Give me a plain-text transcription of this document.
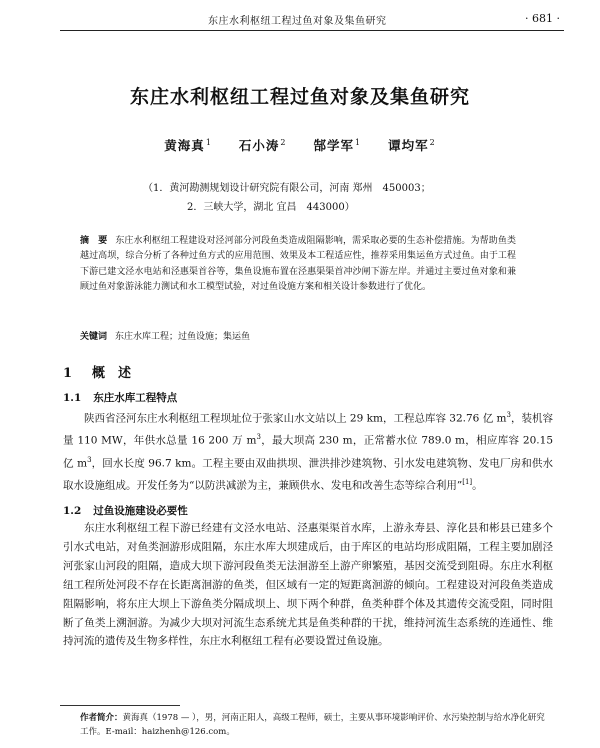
东庄水利枢纽工程过鱼对象及集鱼研究	· 681 ·
东庄水利枢纽工程过鱼对象及集鱼研究
黄海真$^1$ 石小涛$^2$ 郜学军$^1$ 谭均军$^2$
（1．黄河勘测规划设计研究院有限公司，河南 郑州　450003；
2．三峡大学，湖北 宜昌　443000）
摘　要 东庄水利枢纽工程建设对泾河部分河段鱼类造成阻隔影响，需采取必要的生态补偿措施。为帮助鱼类越过高坝，综合分析了各种过鱼方式的应用范围、效果及本工程适应性，推荐采用集运鱼方式过鱼。由于工程下游已建文泾水电站和泾惠渠首谷等，集鱼设施布置在泾惠渠渠首冲沙闸下游左岸。并通过主要过鱼对象和兼顾过鱼对象游泳能力测试和水工模型试验，对过鱼设施方案和相关设计参数进行了优化。
关键词 东庄水库工程；过鱼设施；集运鱼
1 概　述
1.1 东庄水库工程特点

陕西省泾河东庄水利枢纽工程坝址位于张家山水文站以上 29 km，工程总库容 32.76 亿 $m^3$，装机容量 110 MW，年供水总量 16 200 万 $m^3$，最大坝高 230 m，正常蓄水位 789.0 m，相应库容 20.15 亿 $m^3$，回水长度 96.7 km。工程主要由双曲拱坝、泄洪排沙建筑物、引水发电建筑物、发电厂房和供水取水设施组成。开发任务为“以防洪减淤为主，兼顾供水、发电和改善生态等综合利用”[1]。

1.2 过鱼设施建设必要性

东庄水利枢纽工程下游已经建有文泾水电站、泾惠渠渠首水库，上游永寿县、淳化县和彬县已建多个引水式电站，对鱼类洄游形成阻隔，东庄水库大坝建成后，由于库区的电站均形成阻隔，工程主要加剧泾河张家山河段的阻隔，造成大坝下游河段鱼类无法洄游至上游产卵繁殖，基因交流受到阻碍。东庄水利枢纽工程所处河段不存在长距离洄游的鱼类，但区域有一定的短距离洄游的倾向。工程建设对河段鱼类造成阻隔影响，将东庄大坝上下游鱼类分隔成坝上、坝下两个种群，鱼类种群个体及其遗传交流受阻，同时阻断了鱼类上溯洄游。为减少大坝对河流生态系统尤其是鱼类种群的干扰，维持河流生态系统的连通性、维持河流的遗传及生物多样性，东庄水利枢纽工程有必要设置过鱼设施。

作者简介：黄海真（1978 — ），男，河南正阳人，高级工程师，硕士，主要从事环境影响评价、水污染控制与给水净化研究工作。E-mail：haizhenh@126.com。
